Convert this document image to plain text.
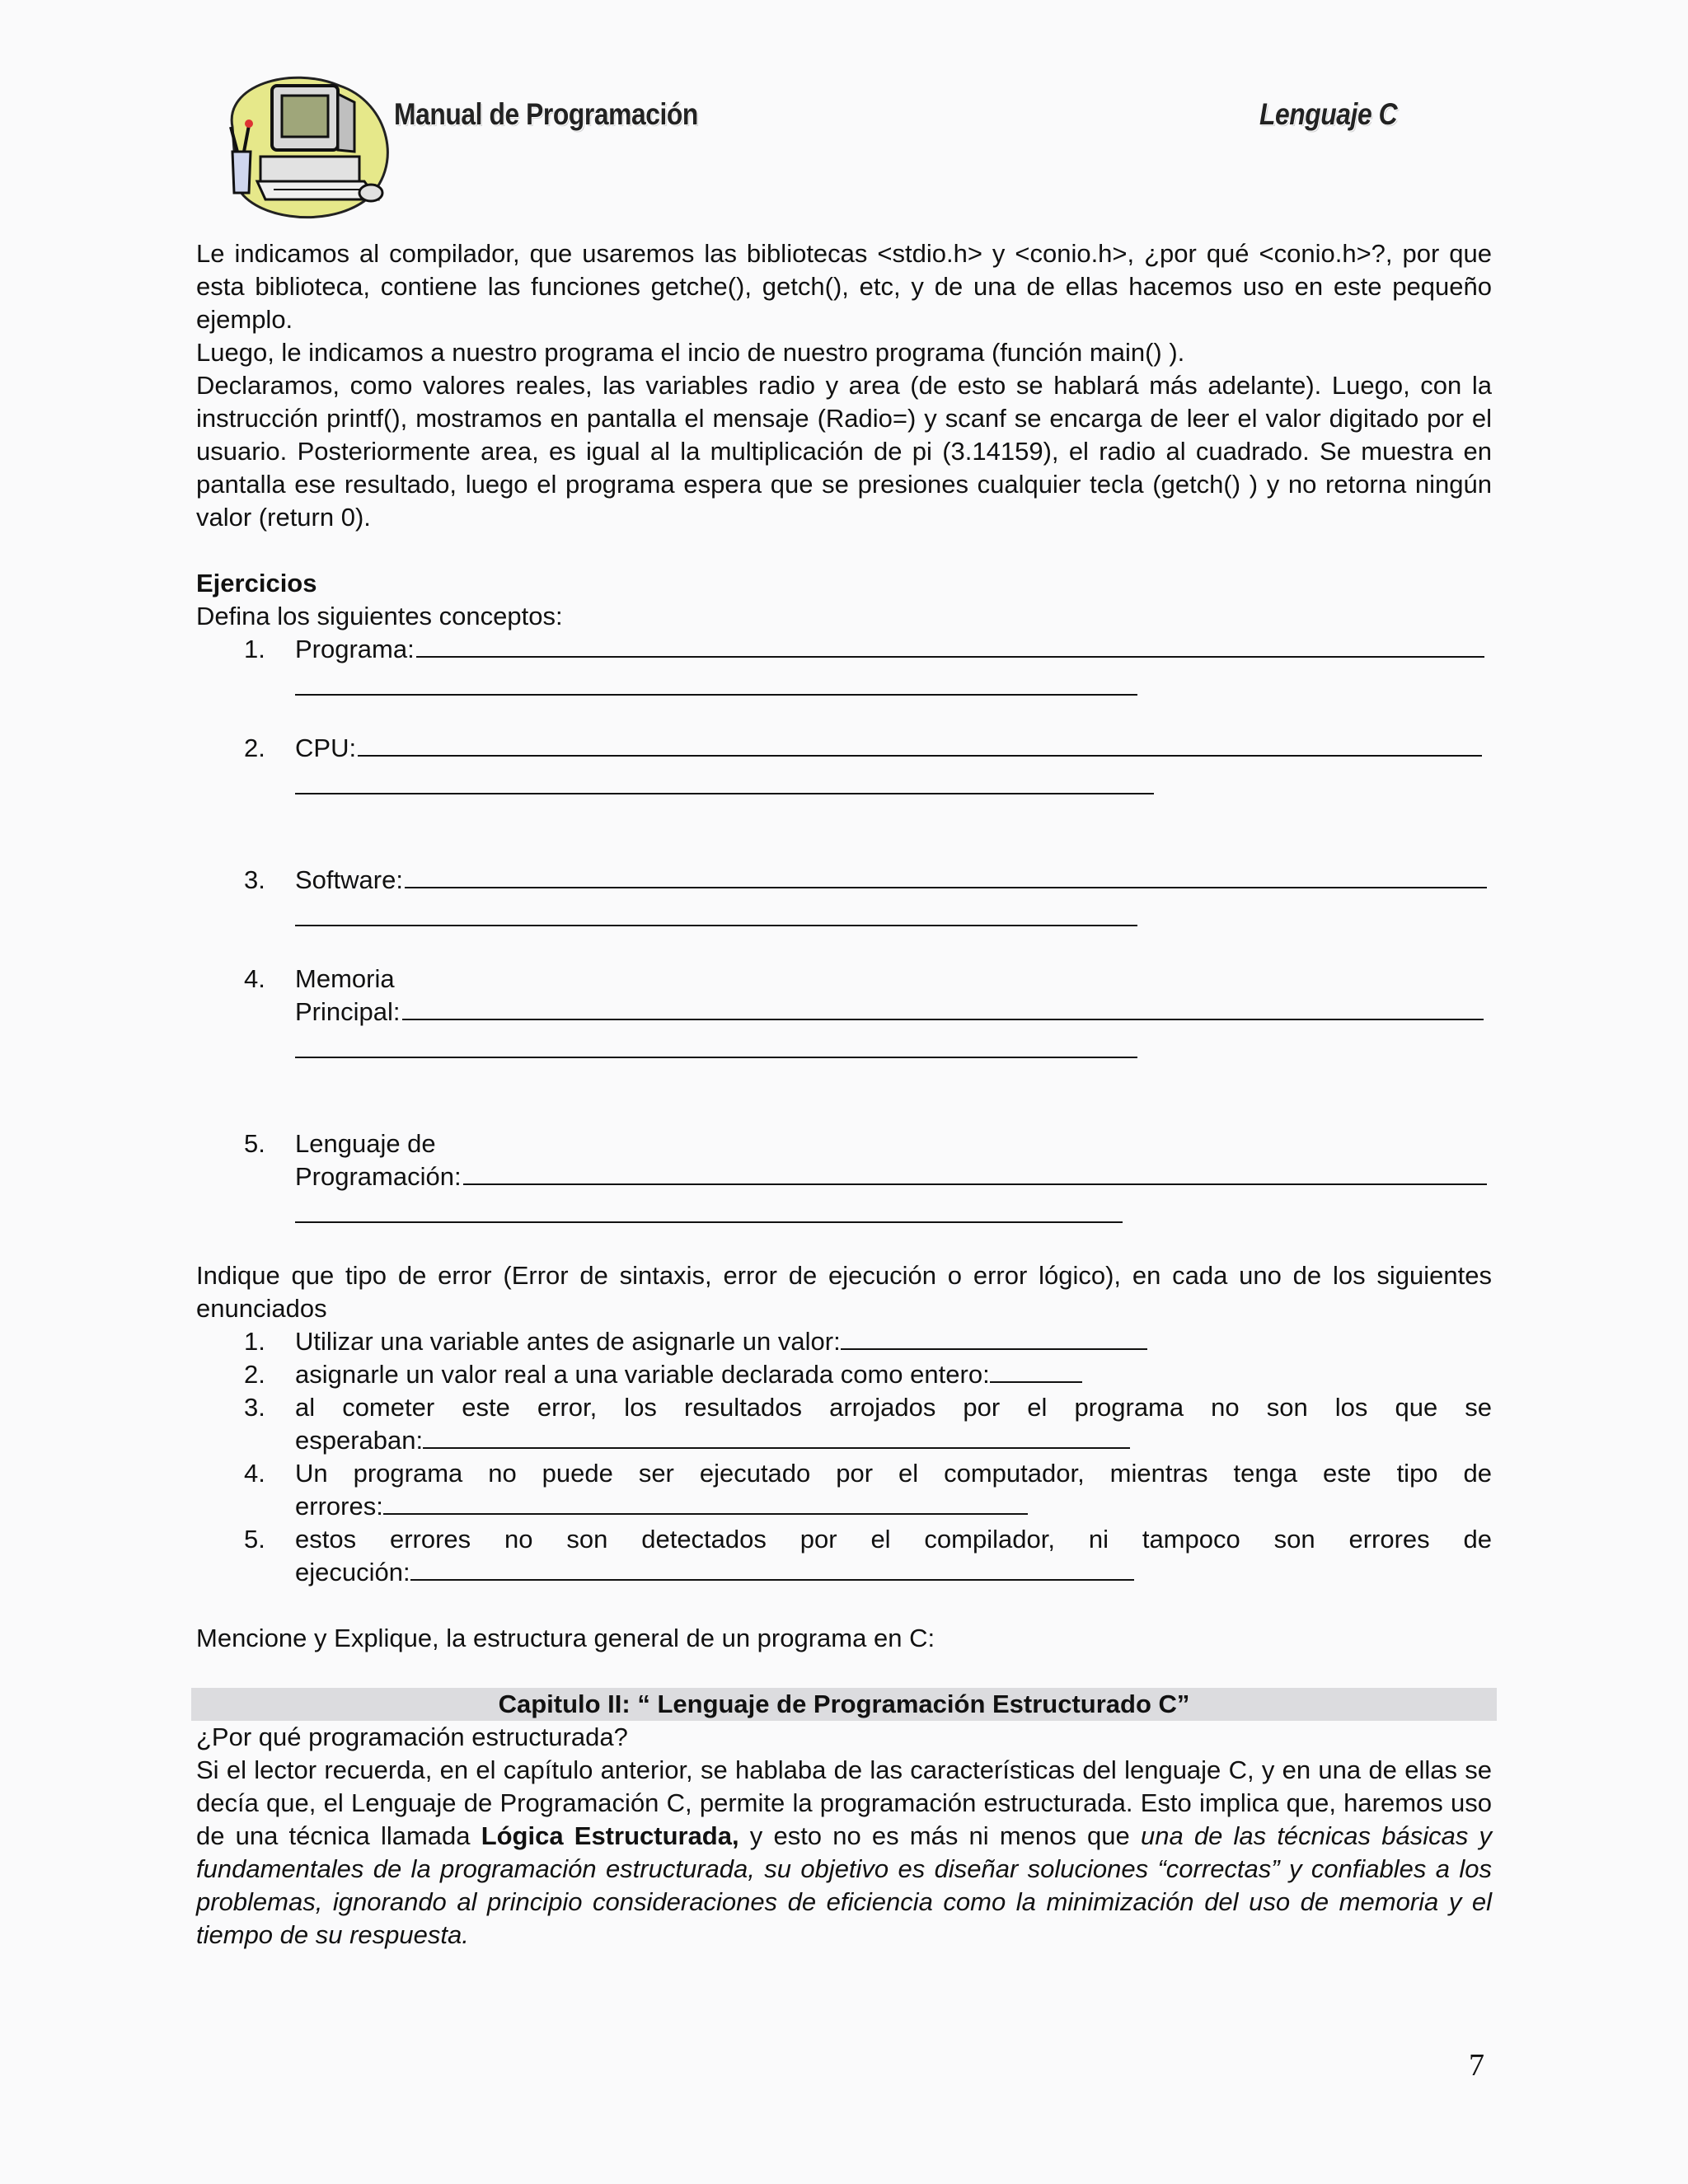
Manual de Programación	Lenguaje C

Le indicamos al compilador, que usaremos las bibliotecas <stdio.h> y <conio.h>, ¿por qué <conio.h>?, por que esta biblioteca, contiene las funciones getche(), getch(), etc, y de una de ellas hacemos uso en este pequeño ejemplo.

Luego, le indicamos a nuestro programa el incio de nuestro programa (función main() ).

Declaramos, como valores reales, las variables radio y area (de esto se hablará más adelante). Luego, con la instrucción printf(), mostramos en pantalla el mensaje (Radio=) y scanf se encarga de leer el valor digitado por el usuario. Posteriormente area, es igual al la multiplicación de pi (3.14159), el radio al cuadrado. Se muestra en pantalla ese resultado, luego el programa espera que se presiones cualquier tecla (getch() ) y no retorna ningún valor (return 0).

Ejercicios

Defina los siguientes conceptos:

1. Programa:
2. CPU:
3. Software:
4. Memoria
Principal:
5. Lenguaje de
Programación:

Indique que tipo de error (Error de sintaxis, error de ejecución o error lógico), en cada uno de los siguientes enunciados

1. Utilizar una variable antes de asignarle un valor:
2. asignarle un valor real a una variable declarada como entero:
3. al cometer este error, los resultados arrojados por el programa no son los que se
esperaban:
4. Un programa no puede ser ejecutado por el computador, mientras tenga este tipo de
errores:
5. estos errores no son detectados por el compilador, ni tampoco son errores de
ejecución:

Mencione y Explique, la estructura general de un programa en C:

Capitulo II: “ Lenguaje de Programación Estructurado C”

¿Por qué programación estructurada?

Si el lector recuerda, en el capítulo anterior, se hablaba de las características del lenguaje C, y en una de ellas se decía que, el Lenguaje de Programación C, permite la programación estructurada. Esto implica que, haremos uso de una técnica llamada Lógica Estructurada, y esto no es más ni menos que una de las técnicas básicas y fundamentales de la programación estructurada, su objetivo es diseñar soluciones “correctas” y confiables a los problemas, ignorando al principio consideraciones de eficiencia como la minimización del uso de memoria y el tiempo de su respuesta.

7
